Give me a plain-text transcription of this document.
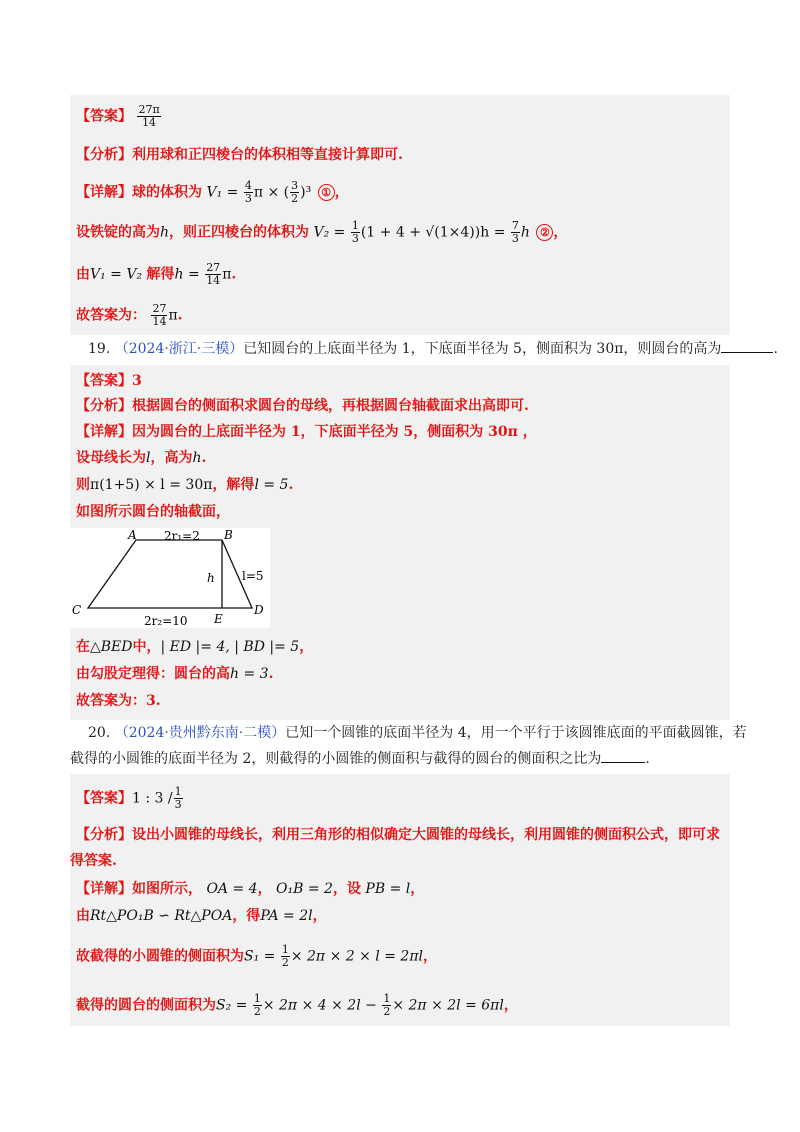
【答案】 $\frac{27\pi}{14}$
【分析】利用球和正四棱台的体积相等直接计算即可.
【详解】球的体积为 $V_1 = \frac{4}{3}$ π × ( $\frac{3}{2} )^3$ ① ，
设铁锭的高为h，则正四棱台的体积为 $V_2 = \frac{1}{3} (1 + 4 + √(1\times 4))h = \frac{7}{3}$ h ② ，
由V₁ = V₂ 解得$h = \frac{27}{14} \pi$.
故答案为： $\frac{27}{14} \pi$.
19. （2024·浙江·三模）已知圆台的上底面半径为 1，下底面半径为 5，侧面积为 30π，则圆台的高为	.
【答案】3
【分析】根据圆台的侧面积求圆台的母线，再根据圆台轴截面求出高即可.
【详解】因为圆台的上底面半径为 1，下底面半径为 5，侧面积为 30π ，
设母线长为l，高为h.
则π(1+5) × l = 30π，解得l = 5.
如图所示圆台的轴截面，
A	B
C	D
E
2r₁=2
2r₂=10
h l=5
在△BED中，| ED |= 4, | BD |= 5，
由勾股定理得：圆台的高h = 3.
故答案为：3.
20. （2024·贵州黔东南·二模）已知一个圆锥的底面半径为 4，用一个平行于该圆锥底面的平面截圆锥，若
截得的小圆锥的底面半径为 2，则截得的小圆锥的侧面积与截得的圆台的侧面积之比为	.
【答案】1 : $3 / \frac{1}{3}$
【分析】设出小圆锥的母线长，利用三角形的相似确定大圆锥的母线长，利用圆锥的侧面积公式，即可求
得答案.
【详解】如图所示， OA = 4， O₁B = 2，设 PB = l，
由Rt△PO₁B ∽ Rt△POA，得PA = 2l，
故截得的小圆锥的侧面积为$S_1 = \frac{1}{2} \times 2\pi \times 2 \times l = 2\pi l$，
截得的圆台的侧面积为$S_2 = \frac{1}{2} \times 2\pi \times 4 \times 2l - \frac{1}{2} \times 2\pi \times 2l = 6\pi l$，
